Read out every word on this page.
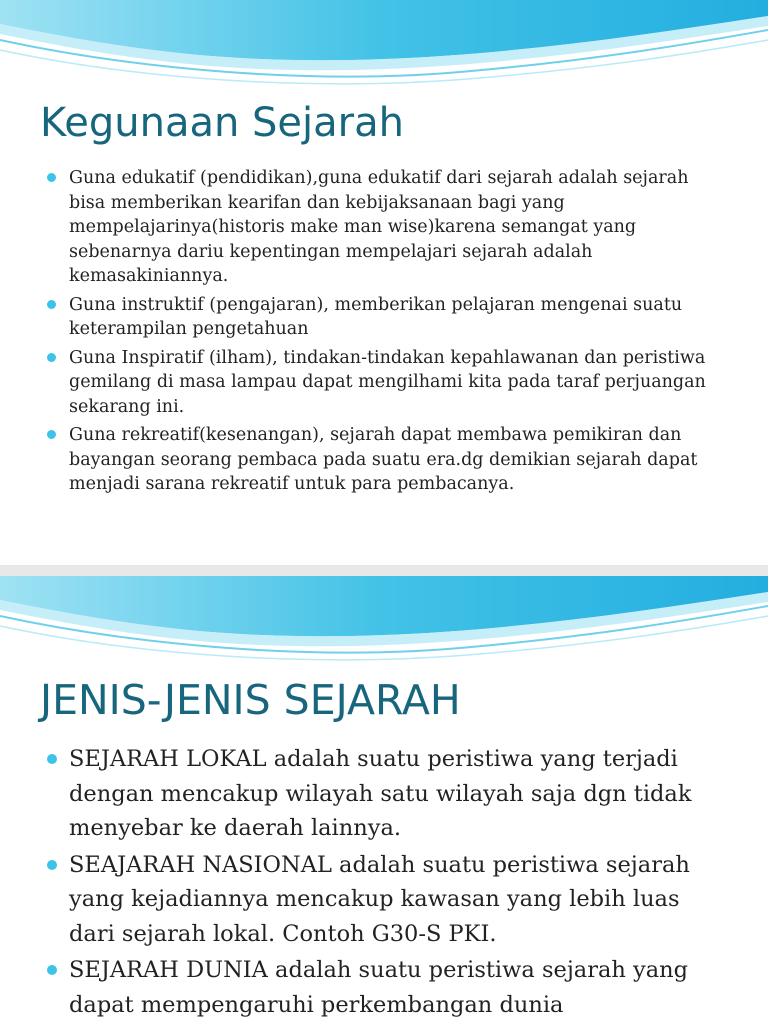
Kegunaan Sejarah
Guna edukatif (pendidikan),guna edukatif dari sejarah adalah sejarah bisa memberikan kearifan dan kebijaksanaan bagi yang mempelajarinya(historis make man wise)karena semangat yang sebenarnya dariu kepentingan mempelajari sejarah adalah kemasakiniannya.
Guna instruktif (pengajaran), memberikan pelajaran mengenai suatu keterampilan pengetahuan
Guna Inspiratif (ilham), tindakan-tindakan kepahlawanan dan peristiwa gemilang di masa lampau dapat mengilhami kita pada taraf perjuangan sekarang ini.
Guna rekreatif(kesenangan), sejarah dapat membawa pemikiran dan bayangan seorang pembaca pada suatu era.dg demikian sejarah dapat menjadi sarana rekreatif untuk para pembacanya.
JENIS-JENIS SEJARAH
SEJARAH LOKAL adalah suatu peristiwa yang terjadi dengan mencakup wilayah satu wilayah saja dgn tidak menyebar ke daerah lainnya.
SEAJARAH NASIONAL adalah suatu peristiwa sejarah yang kejadiannya mencakup kawasan yang lebih luas dari sejarah lokal. Contoh G30-S PKI.
SEJARAH DUNIA adalah suatu peristiwa sejarah yang dapat mempengaruhi perkembangan dunia
